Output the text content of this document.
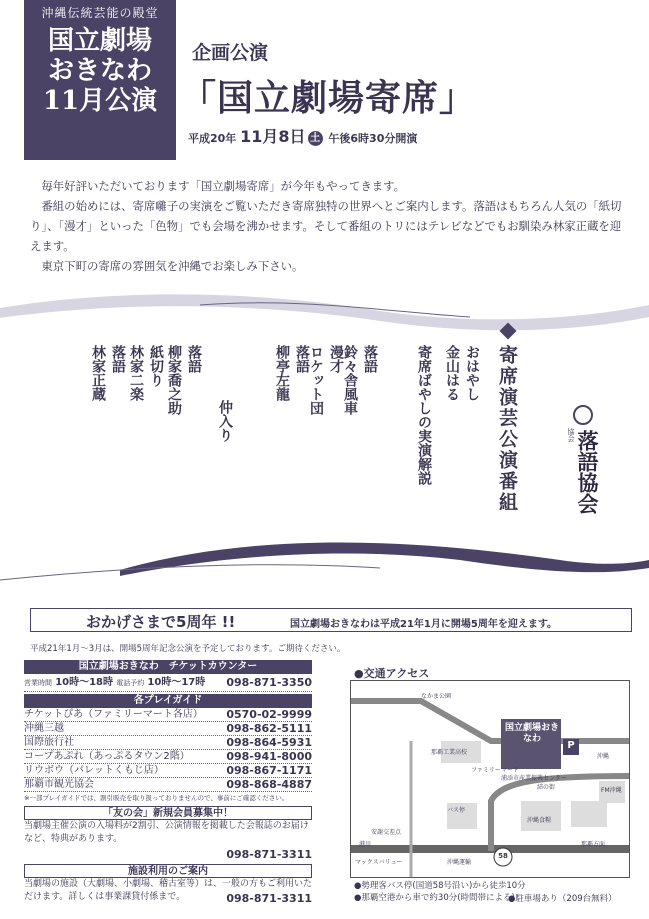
沖縄伝統芸能の殿堂
国立劇場
おきなわ
11月公演
企画公演
「国立劇場寄席」
平成20年 11月8日 土 午後6時30分開演

毎年好評いただいております「国立劇場寄席」が今年もやってきます。

番組の始めには、寄席囃子の実演をご覧いただき寄席独特の世界へとご案内します。落語はもちろん人気の「紙切り」、「漫才」といった「色物」でも会場を沸かせます。そして番組のトリにはテレビなどでもお馴染み林家正蔵を迎えます。

東京下町の寄席の雰囲気を沖縄でお楽しみ下さい。

寄席演芸公演番組
おはやし
金山はる
寄席ばやしの実演解説
落語
鈴々舎風車
漫才
ロケット団
落語
柳亭左龍
仲入り
落語
柳家喬之助
紙切り
林家二楽
落語
林家正蔵
協会 落語協会
おかげさまで5周年 !!	国立劇場おきなわは平成21年1月に開場5周年を迎えます。
平成21年1月～3月は、開場5周年記念公演を予定しております。ご期待ください。
国立劇場おきなわ　チケットカウンター
営業時間 10時～18時 電話予約 10時～17時 098-871-3350
各プレイガイド
チケットぴあ（ファミリーマート各店） 0570-02-9999
沖縄三越	098-862-5111
国際旅行社	098-864-5931
コープあぷれ（あっぷるタウン2階）	098-941-8000
リウボウ（パレットくもじ店）	098-867-1171
那覇市観光協会	098-868-4887
※一部プレイガイドでは、割引販売を取り扱っておりませんので、事前にご確認ください。
「友の会」新規会員募集中！
当劇場主催公演の入場料が2割引、公演情報を掲載した会報誌のお届けなど、特典があります。
098-871-3311
施設利用のご案内
当劇場の施設（大劇場、小劇場、稽古室等）は、一般の方もご利用いただけます。詳しくは事業課貸付係まで。	098-871-3311
●交通アクセス
国立劇場おきなわ
P
なかま公園
那覇工業高校
ファミリーマート
浦添市産業振興センター
結の街
沖縄
バス停
安謝交差点
沖縄食糧
那覇方面
港川
マックスバリュー	沖縄運輸
FM沖縄
58
●勢理客バス停(国道58号沿い)から徒歩10分
●那覇空港から車で約30分(時間帯による)
●駐車場あり（209台無料）
